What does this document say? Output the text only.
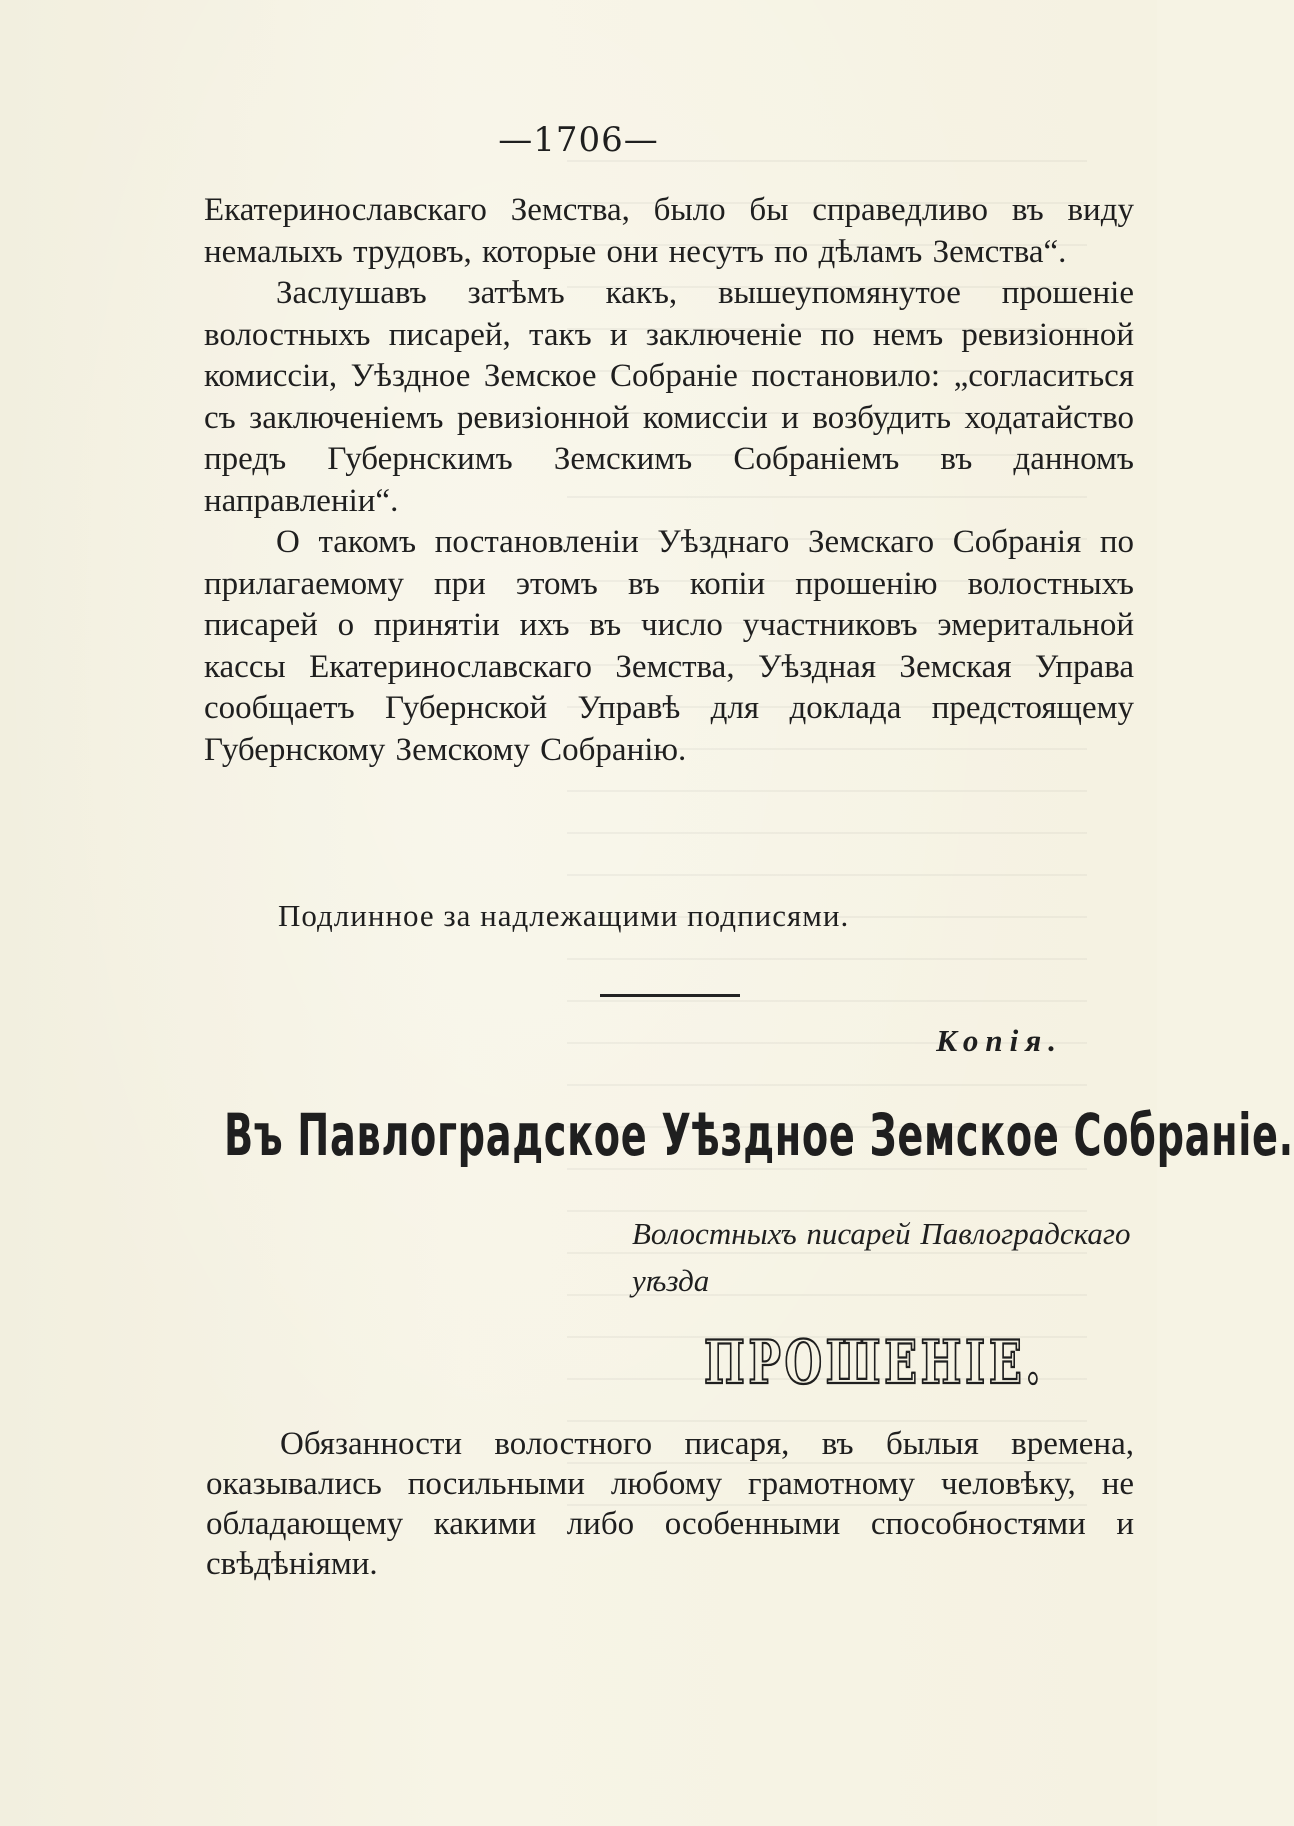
—1706—

Екатеринославскаго Земства, было бы справедливо въ виду немалыхъ трудовъ, которые они несутъ по дѣламъ Земства“.

Заслушавъ затѣмъ какъ, вышеупомянутое прошенiе волостныхъ писарей, такъ и заключенiе по немъ ревизiонной комиссiи, Уѣздное Земское Собранiе постановило: „согласиться съ заключенiемъ ревизiонной комиссiи и возбудить ходатайство предъ Губернскимъ Земскимъ Собранiемъ въ данномъ направленiи“.

О такомъ постановленiи Уѣзднаго Земскаго Собранiя по прилагаемому при этомъ въ копiи прошенiю волостныхъ писарей о принятiи ихъ въ число участниковъ эмеритальной кассы Екатеринославскаго Земства, Уѣздная Земская Управа сообщаетъ Губернской Управѣ для доклада предстоящему Губернскому Земскому Собранiю.

Подлинное за надлежащими подписями.
Копiя.
Въ Павлоградское Уѣздное Земское Собранiе.
Волостныхъ писарей Павлоградскаго уѣзда
ПРОШЕНIЕ.

Обязанности волостного писаря, въ былыя времена, оказывались посильными любому грамотному человѣку, не обладающему какими либо особенными способностями и свѣдѣнiями.
